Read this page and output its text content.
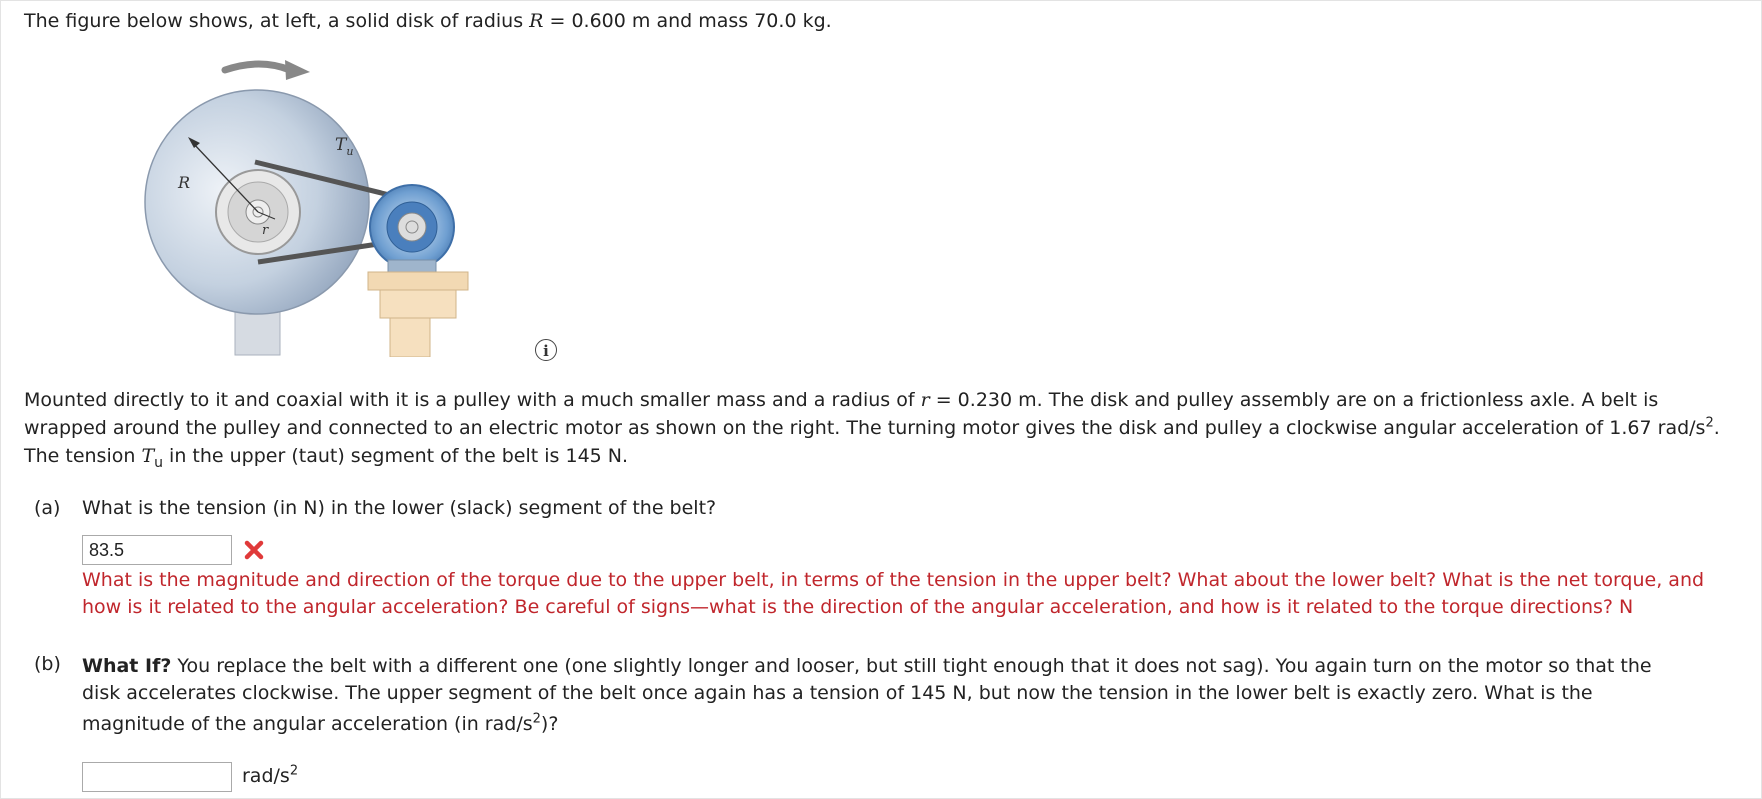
The figure below shows, at left, a solid disk of radius R = 0.600 m and mass 70.0 kg.
R
r
$T_u$
i
Mounted directly to it and coaxial with it is a pulley with a much smaller mass and a radius of r = 0.230 m. The disk and pulley assembly are on a frictionless axle. A belt is wrapped around the pulley and connected to an electric motor as shown on the right. The turning motor gives the disk and pulley a clockwise angular acceleration of 1.67 rad/$s^2$. The tension $T_u$ in the upper (taut) segment of the belt is 145 N.
(a) What is the tension (in N) in the lower (slack) segment of the belt?
83.5
What is the magnitude and direction of the torque due to the upper belt, in terms of the tension in the upper belt? What about the lower belt? What is the net torque, and how is it related to the angular acceleration? Be careful of signs—what is the direction of the angular acceleration, and how is it related to the torque directions? N
(b) What If? You replace the belt with a different one (one slightly longer and looser, but still tight enough that it does not sag). You again turn on the motor so that the
disk accelerates clockwise. The upper segment of the belt once again has a tension of 145 N, but now the tension in the lower belt is exactly zero. What is the
magnitude of the angular acceleration (in rad/$s^2$)?
rad/$s^2$
